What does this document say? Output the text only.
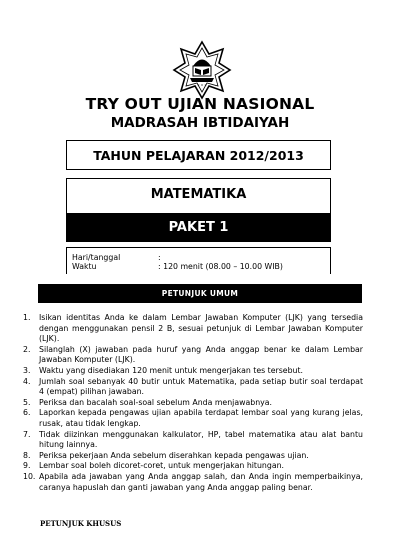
* * *
TRY OUT UJIAN NASIONAL
MADRASAH IBTIDAIYAH
TAHUN PELAJARAN 2012/2013
MATEMATIKA
PAKET 1
Hari/tanggal	:
Waktu	: 120 menit (08.00 – 10.00 WIB)
PETUNJUK UMUM
1. Isikan identitas Anda ke dalam Lembar Jawaban Komputer (LJK) yang tersedia dengan menggunakan pensil 2 B, sesuai petunjuk di Lembar Jawaban Komputer (LJK).
2. Silanglah (X) jawaban pada huruf yang Anda anggap benar ke dalam Lembar Jawaban Komputer (LJK).
3. Waktu yang disediakan 120 menit untuk mengerjakan tes tersebut.
4. Jumlah soal sebanyak 40 butir untuk Matematika, pada setiap butir soal terdapat 4 (empat) pilihan jawaban.
5. Periksa dan bacalah soal-soal sebelum Anda menjawabnya.
6. Laporkan kepada pengawas ujian apabila terdapat lembar soal yang kurang jelas, rusak, atau tidak lengkap.
7. Tidak diizinkan menggunakan kalkulator, HP, tabel matematika atau alat bantu hitung lainnya.
8. Periksa pekerjaan Anda sebelum diserahkan kepada pengawas ujian.
9. Lembar soal boleh dicoret-coret, untuk mengerjakan hitungan.
10. Apabila ada jawaban yang Anda anggap salah, dan Anda ingin memperbaikinya, caranya hapuslah dan ganti jawaban yang Anda anggap paling benar.
PETUNJUK KHUSUS
